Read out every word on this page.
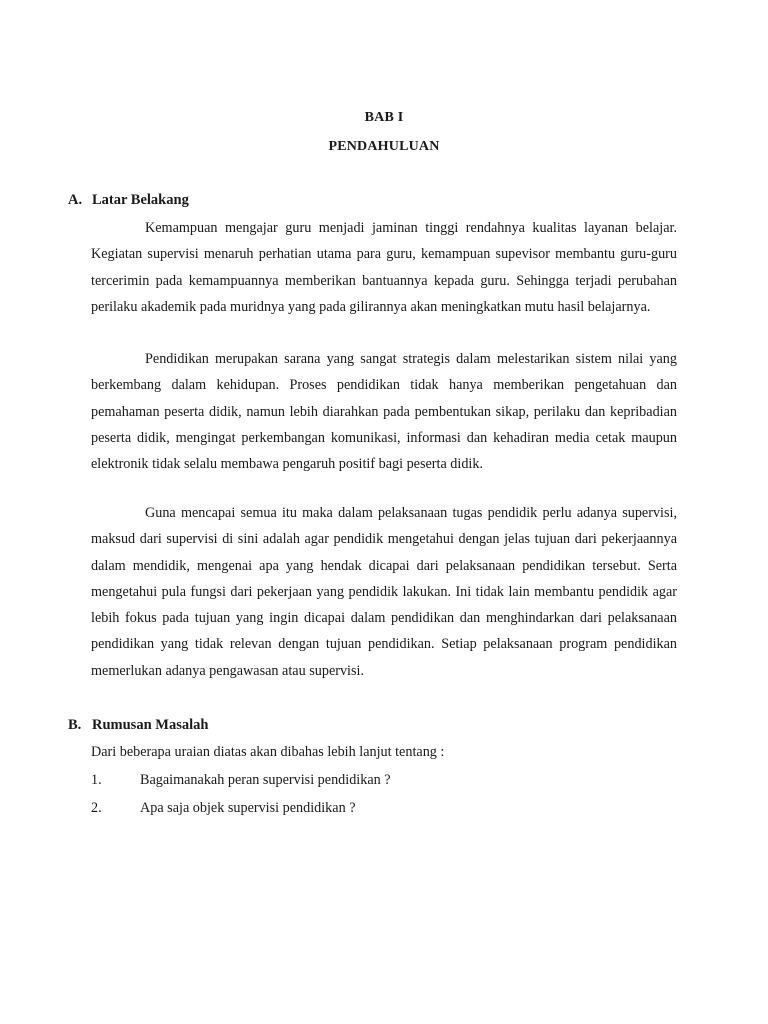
BAB I
PENDAHULUAN
A. Latar Belakang

Kemampuan mengajar guru menjadi jaminan tinggi rendahnya kualitas layanan belajar. Kegiatan supervisi menaruh perhatian utama para guru, kemampuan supevisor membantu guru-guru tercerimin pada kemampuannya memberikan bantuannya kepada guru. Sehingga terjadi perubahan perilaku akademik pada muridnya yang pada gilirannya akan meningkatkan mutu hasil belajarnya.

Pendidikan merupakan sarana yang sangat strategis dalam melestarikan sistem nilai yang berkembang dalam kehidupan. Proses pendidikan tidak hanya memberikan pengetahuan dan pemahaman peserta didik, namun lebih diarahkan pada pembentukan sikap, perilaku dan kepribadian peserta didik, mengingat perkembangan komunikasi, informasi dan kehadiran media cetak maupun elektronik tidak selalu membawa pengaruh positif bagi peserta didik.

Guna mencapai semua itu maka dalam pelaksanaan tugas pendidik perlu adanya supervisi, maksud dari supervisi di sini adalah agar pendidik mengetahui dengan jelas tujuan dari pekerjaannya dalam mendidik, mengenai apa yang hendak dicapai dari pelaksanaan pendidikan tersebut. Serta mengetahui pula fungsi dari pekerjaan yang pendidik lakukan. Ini tidak lain membantu pendidik agar lebih fokus pada tujuan yang ingin dicapai dalam pendidikan dan menghindarkan dari pelaksanaan pendidikan yang tidak relevan dengan tujuan pendidikan. Setiap pelaksanaan program pendidikan memerlukan adanya pengawasan atau supervisi.

B. Rumusan Masalah
Dari beberapa uraian diatas akan dibahas lebih lanjut tentang :
1.	Bagaimanakah peran supervisi pendidikan ?
2.	Apa saja objek supervisi pendidikan ?
